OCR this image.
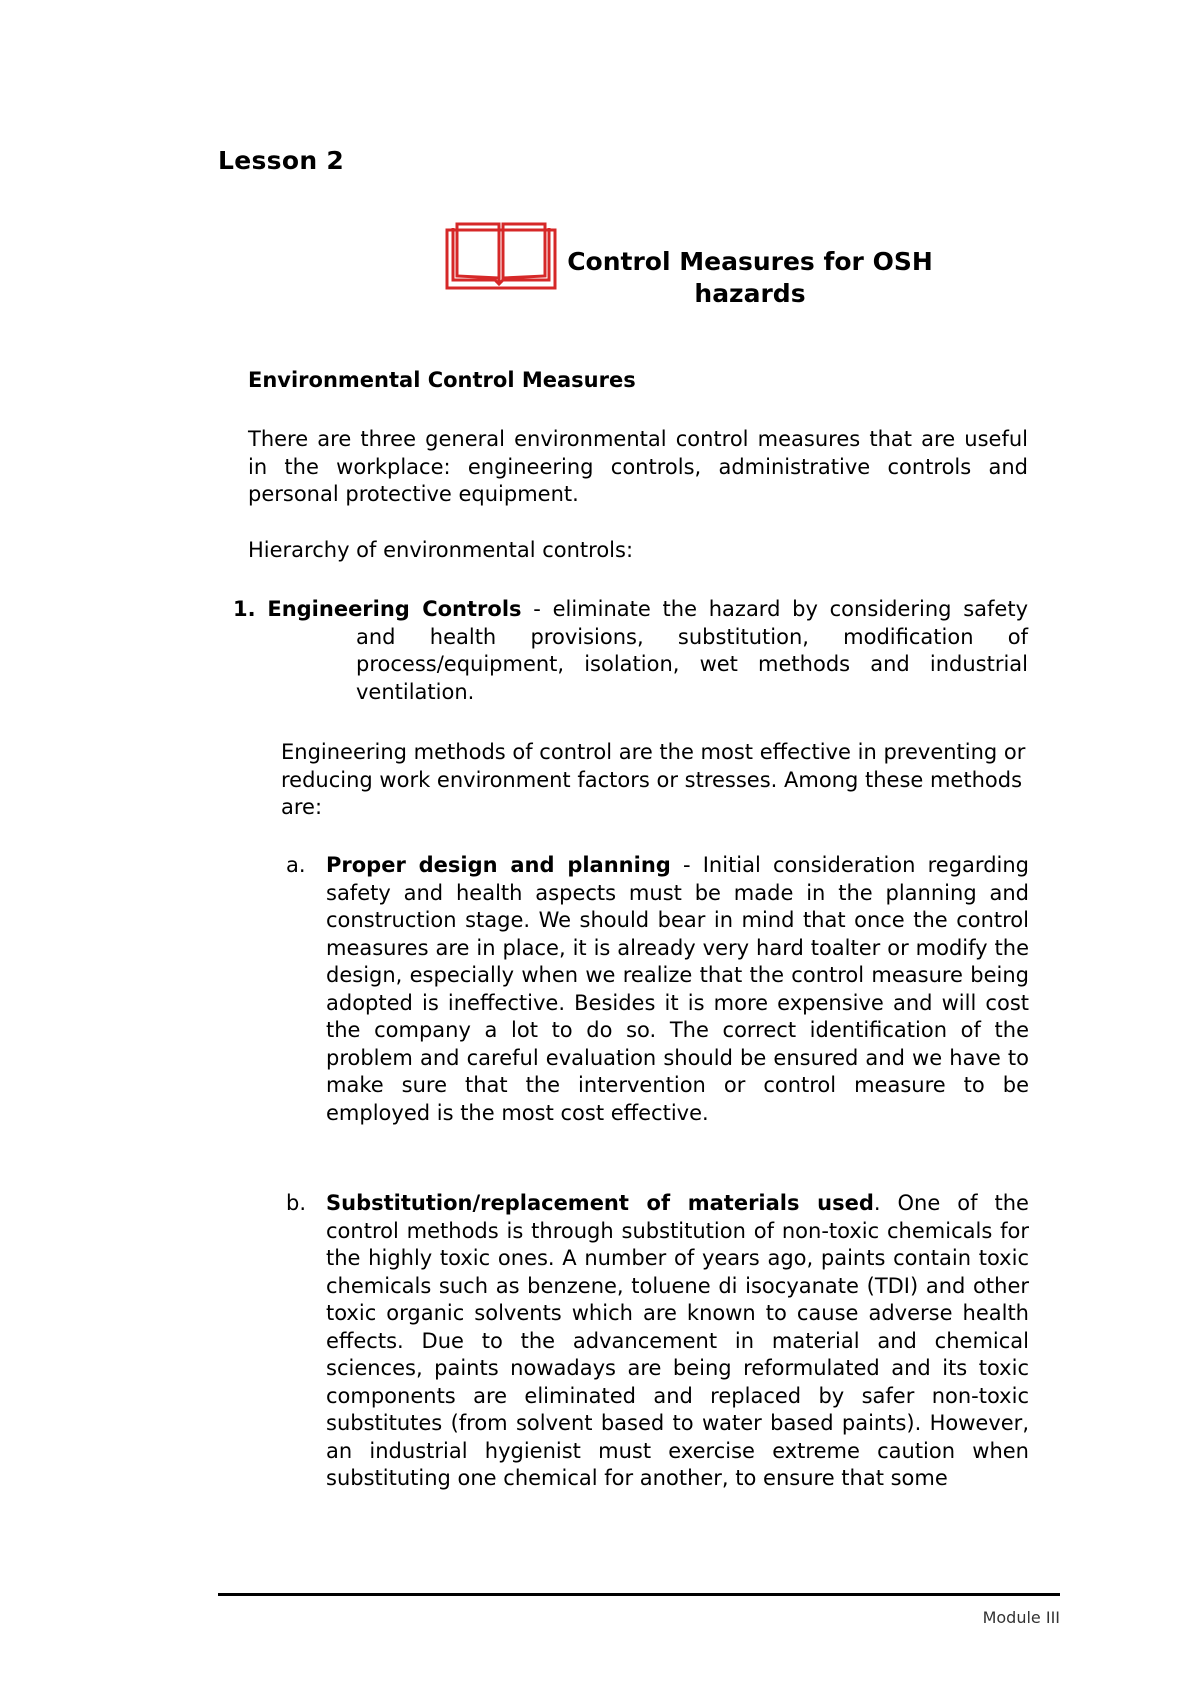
Lesson 2
Control Measures for OSH
hazards
Environmental Control Measures
There are three general environmental control measures that are useful in the workplace: engineering controls, administrative controls and personal protective equipment.
Hierarchy of environmental controls:
1. Engineering Controls - eliminate the hazard by considering safety
and health provisions, substitution, modification of process/equipment, isolation, wet methods and industrial ventilation.
Engineering methods of control are the most effective in preventing or reducing work environment factors or stresses. Among these methods are:
a. Proper design and planning - Initial consideration regarding safety and health aspects must be made in the planning and construction stage. We should bear in mind that once the control measures are in place, it is already very hard toalter or modify the design, especially when we realize that the control measure being adopted is ineffective. Besides it is more expensive and will cost the company a lot to do so. The correct identification of the problem and careful evaluation should be ensured and we have to make sure that the intervention or control measure to be employed is the most cost effective.
b. Substitution/replacement of materials used. One of the control methods is through substitution of non-toxic chemicals for the highly toxic ones. A number of years ago, paints contain toxic chemicals such as benzene, toluene di isocyanate (TDI) and other toxic organic solvents which are known to cause adverse health effects. Due to the advancement in material and chemical sciences, paints nowadays are being reformulated and its toxic components are eliminated and replaced by safer non-toxic substitutes (from solvent based to water based paints). However, an industrial hygienist must exercise extreme caution when substituting one chemical for another, to ensure that some
Module III
